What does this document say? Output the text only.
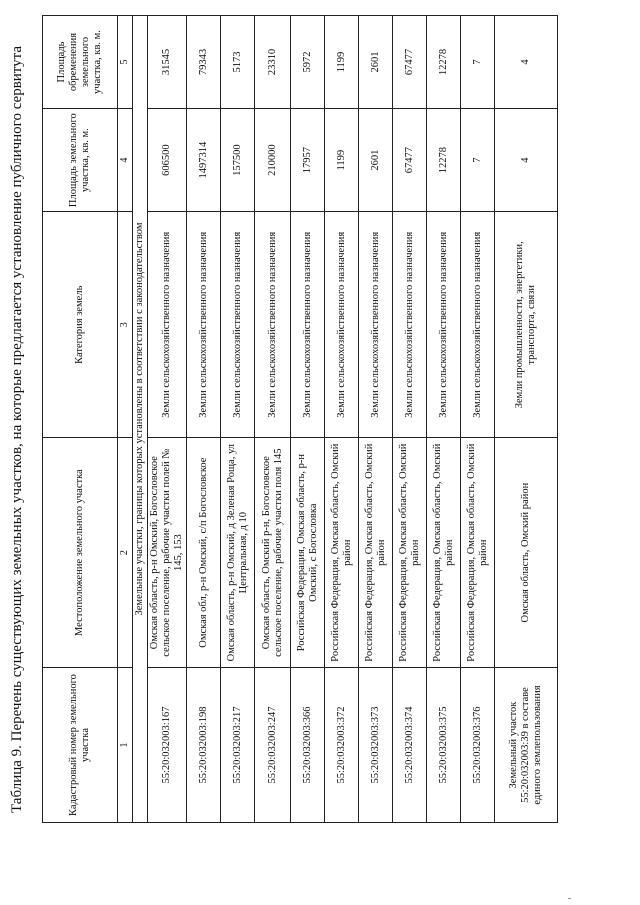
Таблица 9. Перечень существующих земельных участков, на которые предлагается установление публичного сервитута	Кадастровый номер земельного участка	Местоположение земельного участка	Категория земель	Площадь земельного участка, кв. м.	Площадь обременения земельного участка, кв. м.
1	2	3	4	5
Земельные участки, границы которых установлены в соответствии с законодательством				
55:20:032003:167	Омская область, р-н Омский, Богословское сельское поселение, рабочие участки полей № 145, 153	Земли сельскохозяйственного назначения	606500	31545
55:20:032003:198	Омская обл, р-н Омский, с/п Богословское	Земли сельскохозяйственного назначения	1497314	79343
55:20:032003:217	Омская область, р-н Омский, д Зеленая Роща, ул Центральная, д 10	Земли сельскохозяйственного назначения	157500	5173
55:20:032003:247	Омская область, Омский р-н, Богословское сельское поселение, рабочие участки поля 145	Земли сельскохозяйственного назначения	210000	23310
55:20:032003:366	Российская Федерация, Омская область, р-н Омский, с Богословка	Земли сельскохозяйственного назначения	17957	5972
55:20:032003:372	Российская Федерация, Омская область, Омский район	Земли сельскохозяйственного назначения	1199	1199
55:20:032003:373	Российская Федерация, Омская область, Омский район	Земли сельскохозяйственного назначения	2601	2601
55:20:032003:374	Российская Федерация, Омская область, Омский район	Земли сельскохозяйственного назначения	67477	67477
55:20:032003:375	Российская Федерация, Омская область, Омский район	Земли сельскохозяйственного назначения	12278	12278
55:20:032003:376	Российская Федерация, Омская область, Омский район	Земли сельскохозяйственного назначения	7	7
Земельный участок 55:20:032003:39 в составе единого землепользования	Омская область, Омский район	Земли промышленности, энергетики, транспорта, связи	4	4
